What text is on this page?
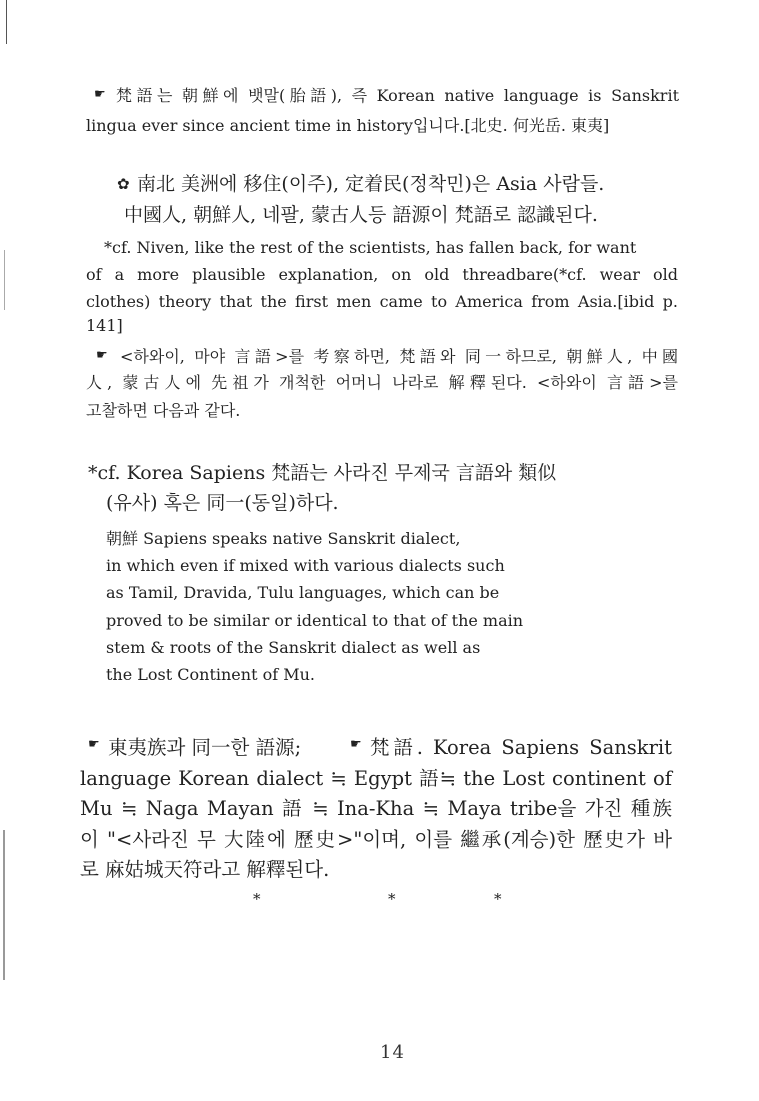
☛ 梵語는 朝鮮에 뱃말(胎語), 즉 Korean native language is Sanskrit
lingua ever since ancient time in history입니다.[北史. 何光岳. 東夷]
✿ 南北 美洲에 移住(이주), 定着民(정착민)은 Asia 사람들.
中國人, 朝鮮人, 네팔, 蒙古人등 語源이 梵語로 認識된다.
*cf. Niven, like the rest of the scientists, has fallen back, for want
of a more plausible explanation, on old threadbare(*cf. wear old
clothes) theory that the first men came to America from Asia.[ibid p.
141]
☛ <하와이, 마야 言語>를 考察하면, 梵語와 同一하므로, 朝鮮人, 中國
人, 蒙古人에 先祖가 개척한 어머니 나라로 解釋된다. <하와이 言語>를
고찰하면 다음과 같다.
*cf. Korea Sapiens 梵語는 사라진 무제국 言語와 類似
(유사) 혹은 同一(동일)하다.
朝鮮 Sapiens speaks native Sanskrit dialect,
in which even if mixed with various dialects such
as Tamil, Dravida, Tulu languages, which can be
proved to be similar or identical to that of the main
stem & roots of the Sanskrit dialect as well as
the Lost Continent of Mu.
☛ 東夷族과 同一한 語源;	☛ 梵語. Korea Sapiens Sanskrit
language Korean dialect ≒ Egypt 語≒ the Lost continent of
Mu ≒ Naga Mayan 語 ≒ Ina-Kha ≒ Maya tribe을 가진 種族
이 "<사라진 무 大陸에 歷史>"이며, 이를 繼承(계승)한 歷史가 바
로 麻姑城天符라고 解釋된다.
*	*	*
14
